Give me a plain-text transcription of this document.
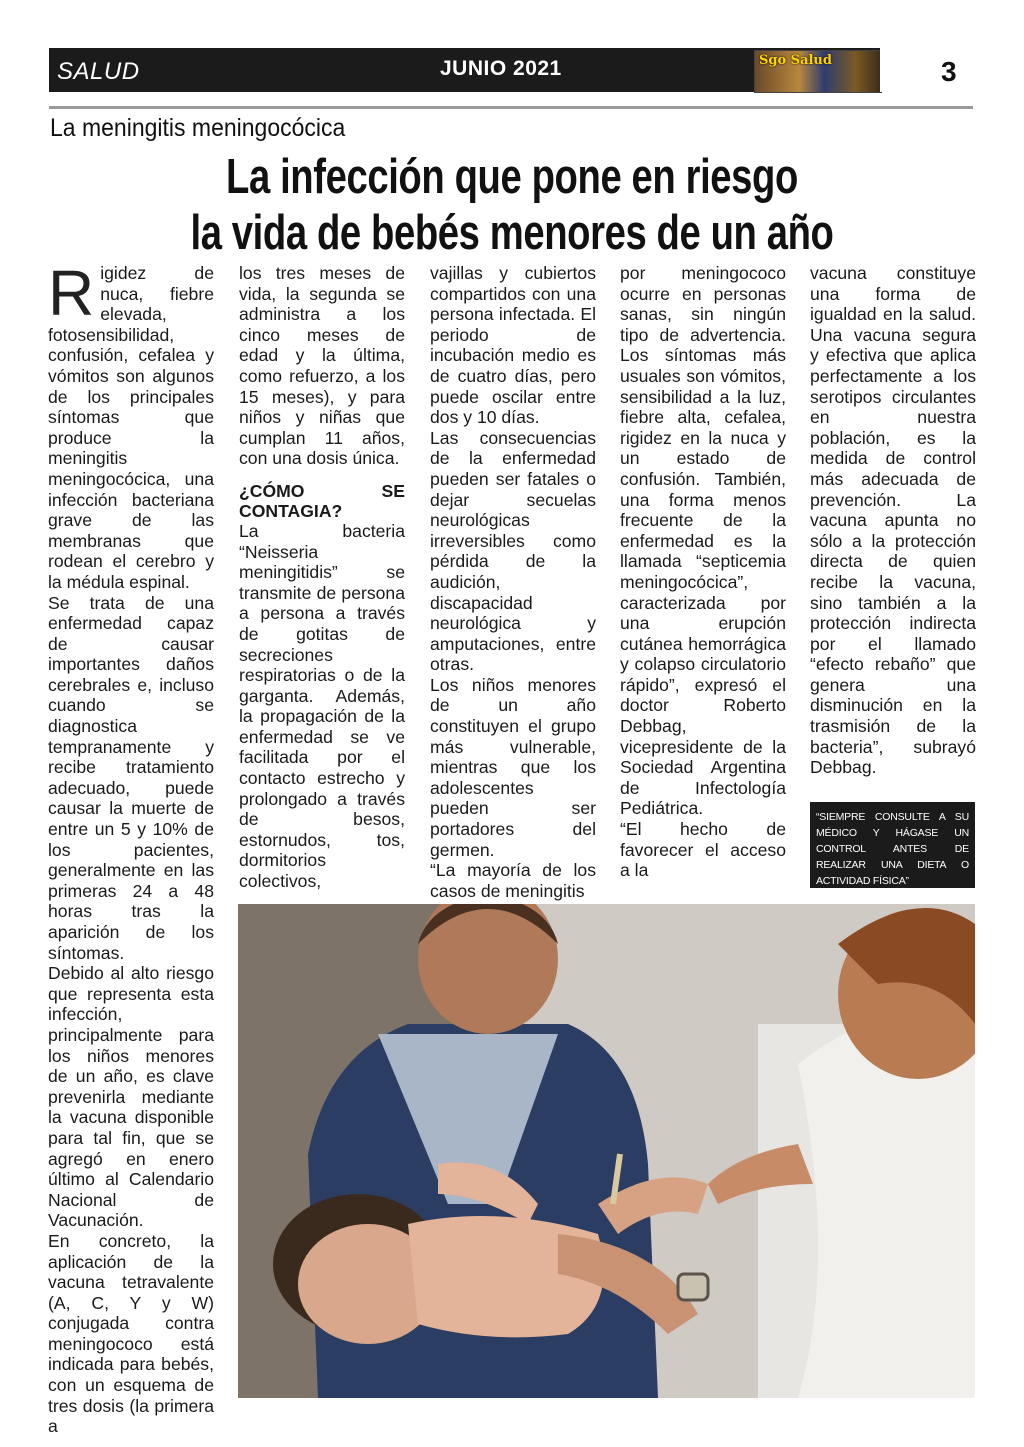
SALUD	JUNIO 2021	Sgo Salud	3
La meningitis meningocócica
La infección que pone en riesgo
la vida de bebés menores de un año
R igidez de nuca, fiebre elevada, fotosensibilidad, confusión, cefalea y vómitos son algunos de los principales síntomas que produce la meningitis meningocócica, una infección bacteriana grave de las membranas que rodean el cerebro y la médula espinal.

Se trata de una enfermedad capaz de causar importantes daños cerebrales e, incluso cuando se diagnostica tempranamente y recibe tratamiento adecuado, puede causar la muerte de entre un 5 y 10% de los pacientes, generalmente en las primeras 24 a 48 horas tras la aparición de los síntomas.

Debido al alto riesgo que representa esta infección, principalmente para los niños menores de un año, es clave prevenirla mediante la vacuna disponible para tal fin, que se agregó en enero último al Calendario Nacional de Vacunación.

En concreto, la aplicación de la vacuna tetravalente (A, C, Y y W) conjugada contra meningococo está indicada para bebés, con un esquema de tres dosis (la primera a

los tres meses de vida, la segunda se administra a los cinco meses de edad y la última, como refuerzo, a los 15 meses), y para niños y niñas que cumplan 11 años, con una dosis única.

¿CÓMO SE CONTAGIA?

La bacteria “Neisseria meningitidis” se transmite de persona a persona a través de gotitas de secreciones respiratorias o de la garganta. Además, la propagación de la enfermedad se ve facilitada por el contacto estrecho y prolongado a través de besos, estornudos, tos, dormitorios colectivos,

vajillas y cubiertos compartidos con una persona infectada. El periodo de incubación medio es de cuatro días, pero puede oscilar entre dos y 10 días.

Las consecuencias de la enfermedad pueden ser fatales o dejar secuelas neurológicas irreversibles como pérdida de la audición, discapacidad neurológica y amputaciones, entre otras.

Los niños menores de un año constituyen el grupo más vulnerable, mientras que los adolescentes pueden ser portadores del germen.

“La mayoría de los casos de meningitis

por meningococo ocurre en personas sanas, sin ningún tipo de advertencia. Los síntomas más usuales son vómitos, sensibilidad a la luz, fiebre alta, cefalea, rigidez en la nuca y un estado de confusión. También, una forma menos frecuente de la enfermedad es la llamada “septicemia meningocócica”, caracterizada por una erupción cutánea hemorrágica y colapso circulatorio rápido”, expresó el doctor Roberto Debbag, vicepresidente de la Sociedad Argentina de Infectología Pediátrica.

“El hecho de favorecer el acceso a la

vacuna constituye una forma de igualdad en la salud. Una vacuna segura y efectiva que aplica perfectamente a los serotipos circulantes en nuestra población, es la medida de control más adecuada de prevención. La vacuna apunta no sólo a la protección directa de quien recibe la vacuna, sino también a la protección indirecta por el llamado “efecto rebaño” que genera una disminución en la trasmisión de la bacteria”, subrayó Debbag.

“SIEMPRE CONSULTE A SU MÉDICO Y HÁGASE UN CONTROL ANTES DE REALIZAR UNA DIETA O ACTIVIDAD FÍSICA”
